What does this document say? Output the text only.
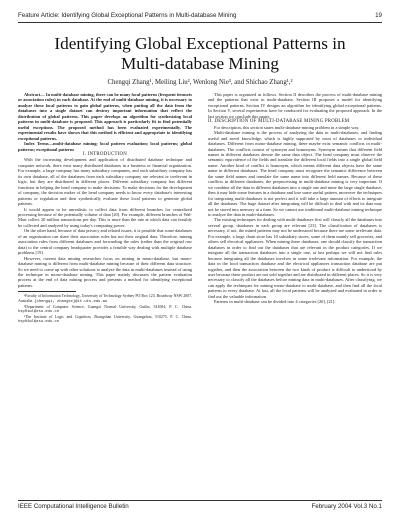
Feature Article: Identifying Global Exceptional Patterns in Multi-database Mining	19
Identifying Global Exceptional Patterns in
Multi-database Mining
Chengqi Zhang¹, Meiling Liu², Wenlong Nie³, and Shichao Zhang¹,²

Abstract— In multi-database mining, there can be many local patterns (frequent itemsets or association rules) in each database. At the end of multi-database mining, it is necessary to analyze these local patterns to gain global patterns, when putting all the data from the databases into a single dataset can destroy important information that reflect the distribution of global patterns. This paper develops an algorithm for synthesizing local patterns in multi-database is proposed. This approach is particularly fit to find potentially useful exceptions. The proposed method has been evaluated experimentally. The experimental results have shown that this method is efficient and appropriate to identifying exceptional patterns.

Index Terms—multi-database mining; local pattern evaluation; local patterns; global patterns; exceptional patterns

I. INTRODUCTION

With the increasing development and application of distributed database technique and computer network, there exist many distributed databases in a business or financial organization. For example, a large company has many subsidiary companies, and each subsidiary company has its own database, all of the databases from each subsidiary company are relevant or irrelevant in logic, but they are distributed in different places. Different subsidiary company has different functions in helping the head company to make decisions. To make decisions for the development of company, the decision maker of the head company needs to know every database's interesting patterns or regulation and then synthetically evaluate these local patterns to generate global patterns.

It would appear to be unrealistic to collect data from different branches for centralized processing because of the potentially volume of data [20]. For example, different branches of Wal-Mart collect 20 million transactions per day. This is more than the rate at which data can feasibly be collected and analyzed by using today's computing power.

On the other hand, because of data privacy and related issues, it is possible that some databases of an organization can share their association rules but not their original data. Therefore, mining association rules from different databases and forwarding the rules (rather than the original raw data) to the central company headquarter provides a feasible way dealing with multiple database problems [19].

However, current data mining researches focus on mining in mono-database, but mono-database mining is different from multi-database mining because of their different data structure. So we need to come up with other solutions to analyze the data in multi-databases instead of using the technique in mono-database mining. This paper mainly discusses the pattern evaluation process at the end of data mining process and presents a method for identifying exceptional patterns.

¹Faculty of Information Technology, University of Technology Sydney PO Box 123, Broadway NSW 2007, Australia. {chengqi, zhangsc}@it.uts.edu.au

²Department of Computer Science, Guangxi Normal University, Guilin, 541004, P. C. China. hsp01wl@zsu.edu.cn

³The Institute of Logic and Cognition, Zhongshan University, Guangzhou, 510275, P. C. China. hsp01wl@zsu.edu.cn

This paper is organized as follows. Section II describes the process of multi-database mining and the patterns that exist in multi-database. Section III proposes a model for identifying exceptional patterns. Section IV designs an algorithm for identifying global exceptional patterns. In Section V, several experiments have be conducted for evaluating the proposed approach. In the last section we conclude this paper.

II. DESCRIPTION OF MULTI-DATABASE MINING PROBLEM

For description, this section states multi-database mining problem in a simple way.

Multi-database mining is the process of analyzing the data in multi-databases, and finding useful and novel knowledge, which is highly supported by most of databases or individual databases. Different from mono-database mining, there maybe exist semantic conflicts in multi-databases. The conflicts consist of synonym and homonyms. Synonym means that different field names in different databases denote the same data object. The head company must observe the semantic equivalence of the fields and translate the different local fields into a single global field name. Another kind of conflict is homonym, which means different data objects have the same name in different databases. The head company must recognize the semantic difference between the same field names and translate the same name into different field names. Because of these conflicts in different databases, the preprocessing in multi-database mining is very important. If we combine all the data in different databases into a single one and mine the large single database, then it may hide some features in a database and lose some useful pattern, moreover the techniques for integrating multi-databases is not perfect and it will take a large amount of efforts to integrate all the databases. The huge dataset after integrating will be difficult to deal with and its data may not be stored into memory at a time. So we cannot use traditional multi-database mining technique to analyze the data in multi-databases.

The existing techniques for dealing with multi-databases first will classify all the databases into several group, databases in each group are relevant [23]. The classification of databases is necessary, if not, the mined patterns may not be understood because there are some irrelevant data. For example, a large chain store has 10 subsidiary stores, some of them mainly sell groceries, and others sell electrical appliances. When mining these databases, one should classify the transaction databases in order to find out the databases that are relevant in the product categories. If we integrate all the transaction databases into a single one, at last perhaps we will not find rules because integrating all the databases involves in some irrelevant information. For example, the data in the food transaction database and the electrical appliances transaction database are put together, and then the association between the two kinds of product is difficult to understood by user because these product are not sold together and are distributed in different places. So it is very necessary to classify all the databases before mining data in multi-databases. After classifying, we can apply the techniques for mining mono-database to multi-database, and then find all the local patterns in every database. At last, all the local patterns will be analyzed and evaluated in order to find out the valuable information.

Patterns in multi-database can be divided into 4 categories [20], [21]:

IEEE Computational Intelligence Bulletin	February 2004 Vol.3 No.1
